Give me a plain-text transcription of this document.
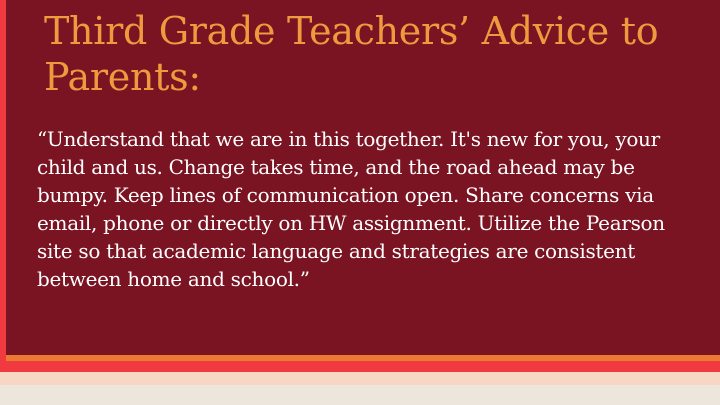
Third Grade Teachers’ Advice to Parents:

“Understand that we are in this together. It's new for you, your child and us. Change takes time, and the road ahead may be bumpy. Keep lines of communication open. Share concerns via email, phone or directly on HW assignment. Utilize the Pearson site so that academic language and strategies are consistent between home and school.”
